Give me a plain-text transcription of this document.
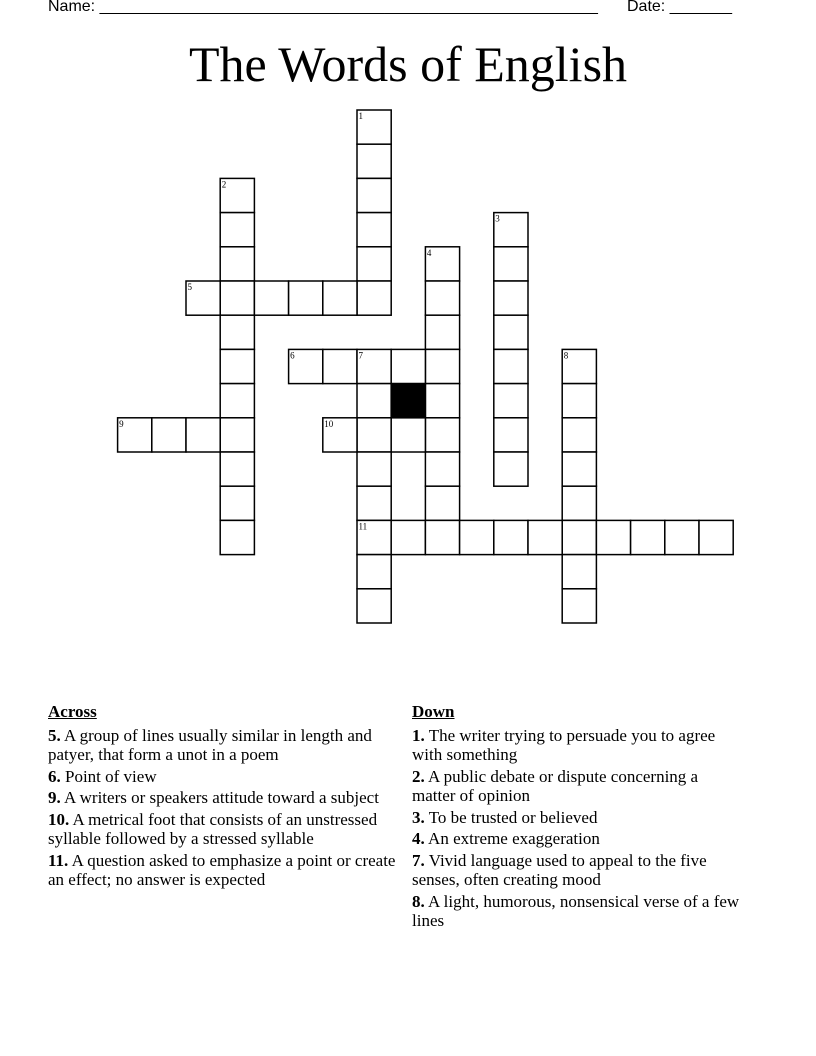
Name: ________________________________________________________ Date: _______
The Words of English
1
2
3
4
5
6	7	8
9	10
11
Across
5. A group of lines usually similar in length and patyer, that form a unot in a poem
6. Point of view
9. A writers or speakers attitude toward a subject
10. A metrical foot that consists of an unstressed syllable followed by a stressed syllable
11. A question asked to emphasize a point or create an effect; no answer is expected
Down
1. The writer trying to persuade you to agree with something
2. A public debate or dispute concerning a matter of opinion
3. To be trusted or believed
4. An extreme exaggeration
7. Vivid language used to appeal to the five senses, often creating mood
8. A light, humorous, nonsensical verse of a few lines
